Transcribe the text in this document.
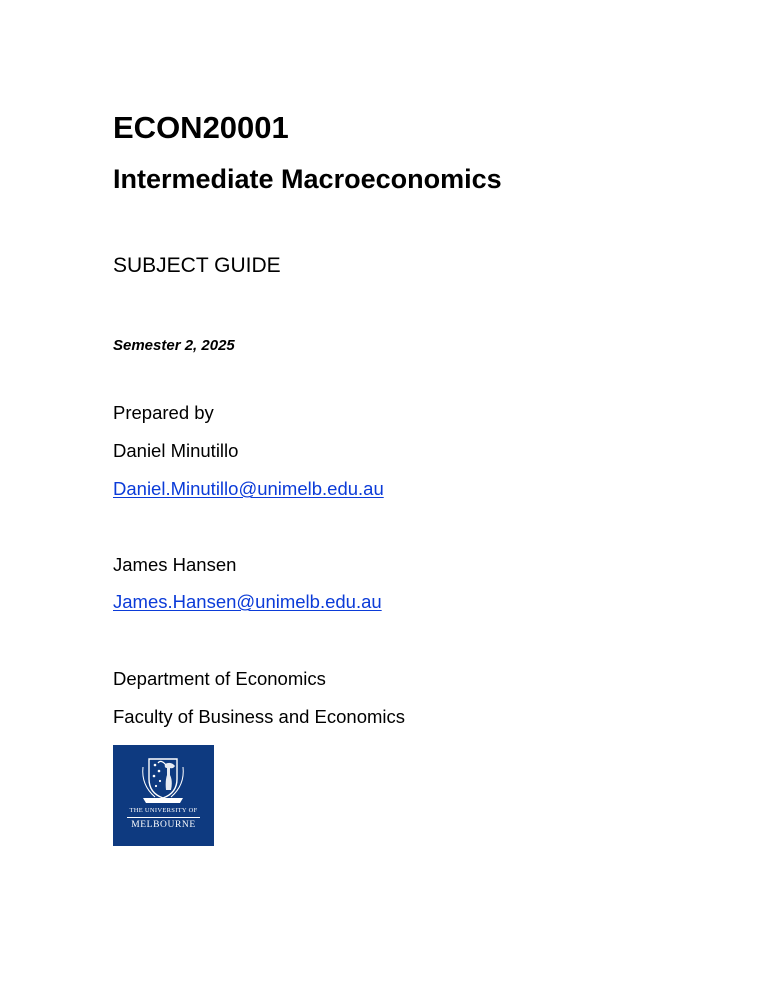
ECON20001
Intermediate Macroeconomics
SUBJECT GUIDE
Semester 2, 2025
Prepared by
Daniel Minutillo
Daniel.Minutillo@unimelb.edu.au
James Hansen
James.Hansen@unimelb.edu.au
Department of Economics
Faculty of Business and Economics
THE UNIVERSITY OF
MELBOURNE
